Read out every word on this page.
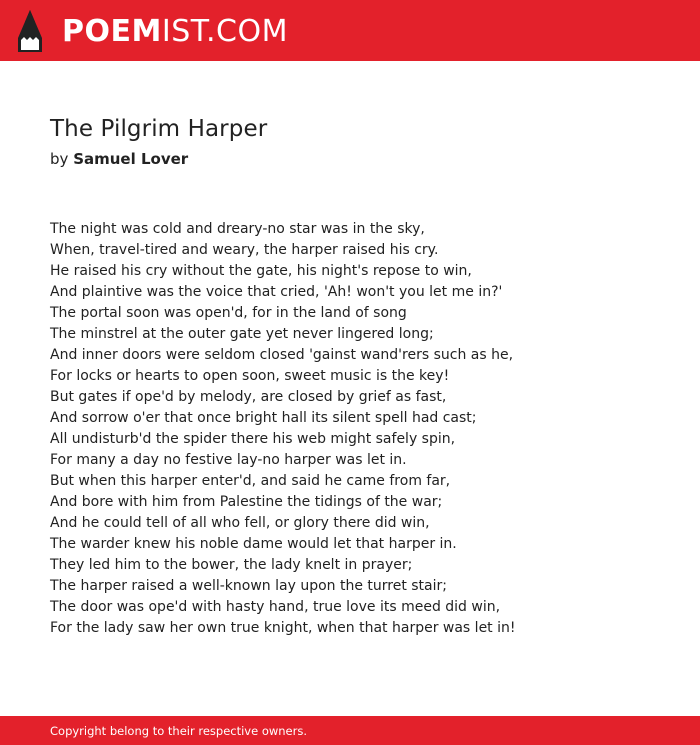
POEM IST.COM
The Pilgrim Harper
by Samuel Lover
The night was cold and dreary-no star was in the sky,
When, travel-tired and weary, the harper raised his cry.
He raised his cry without the gate, his night's repose to win,
And plaintive was the voice that cried, 'Ah! won't you let me in?'
The portal soon was open'd, for in the land of song
The minstrel at the outer gate yet never lingered long;
And inner doors were seldom closed 'gainst wand'rers such as he,
For locks or hearts to open soon, sweet music is the key!
But gates if ope'd by melody, are closed by grief as fast,
And sorrow o'er that once bright hall its silent spell had cast;
All undisturb'd the spider there his web might safely spin,
For many a day no festive lay-no harper was let in.
But when this harper enter'd, and said he came from far,
And bore with him from Palestine the tidings of the war;
And he could tell of all who fell, or glory there did win,
The warder knew his noble dame would let that harper in.
They led him to the bower, the lady knelt in prayer;
The harper raised a well-known lay upon the turret stair;
The door was ope'd with hasty hand, true love its meed did win,
For the lady saw her own true knight, when that harper was let in!
Copyright belong to their respective owners.
